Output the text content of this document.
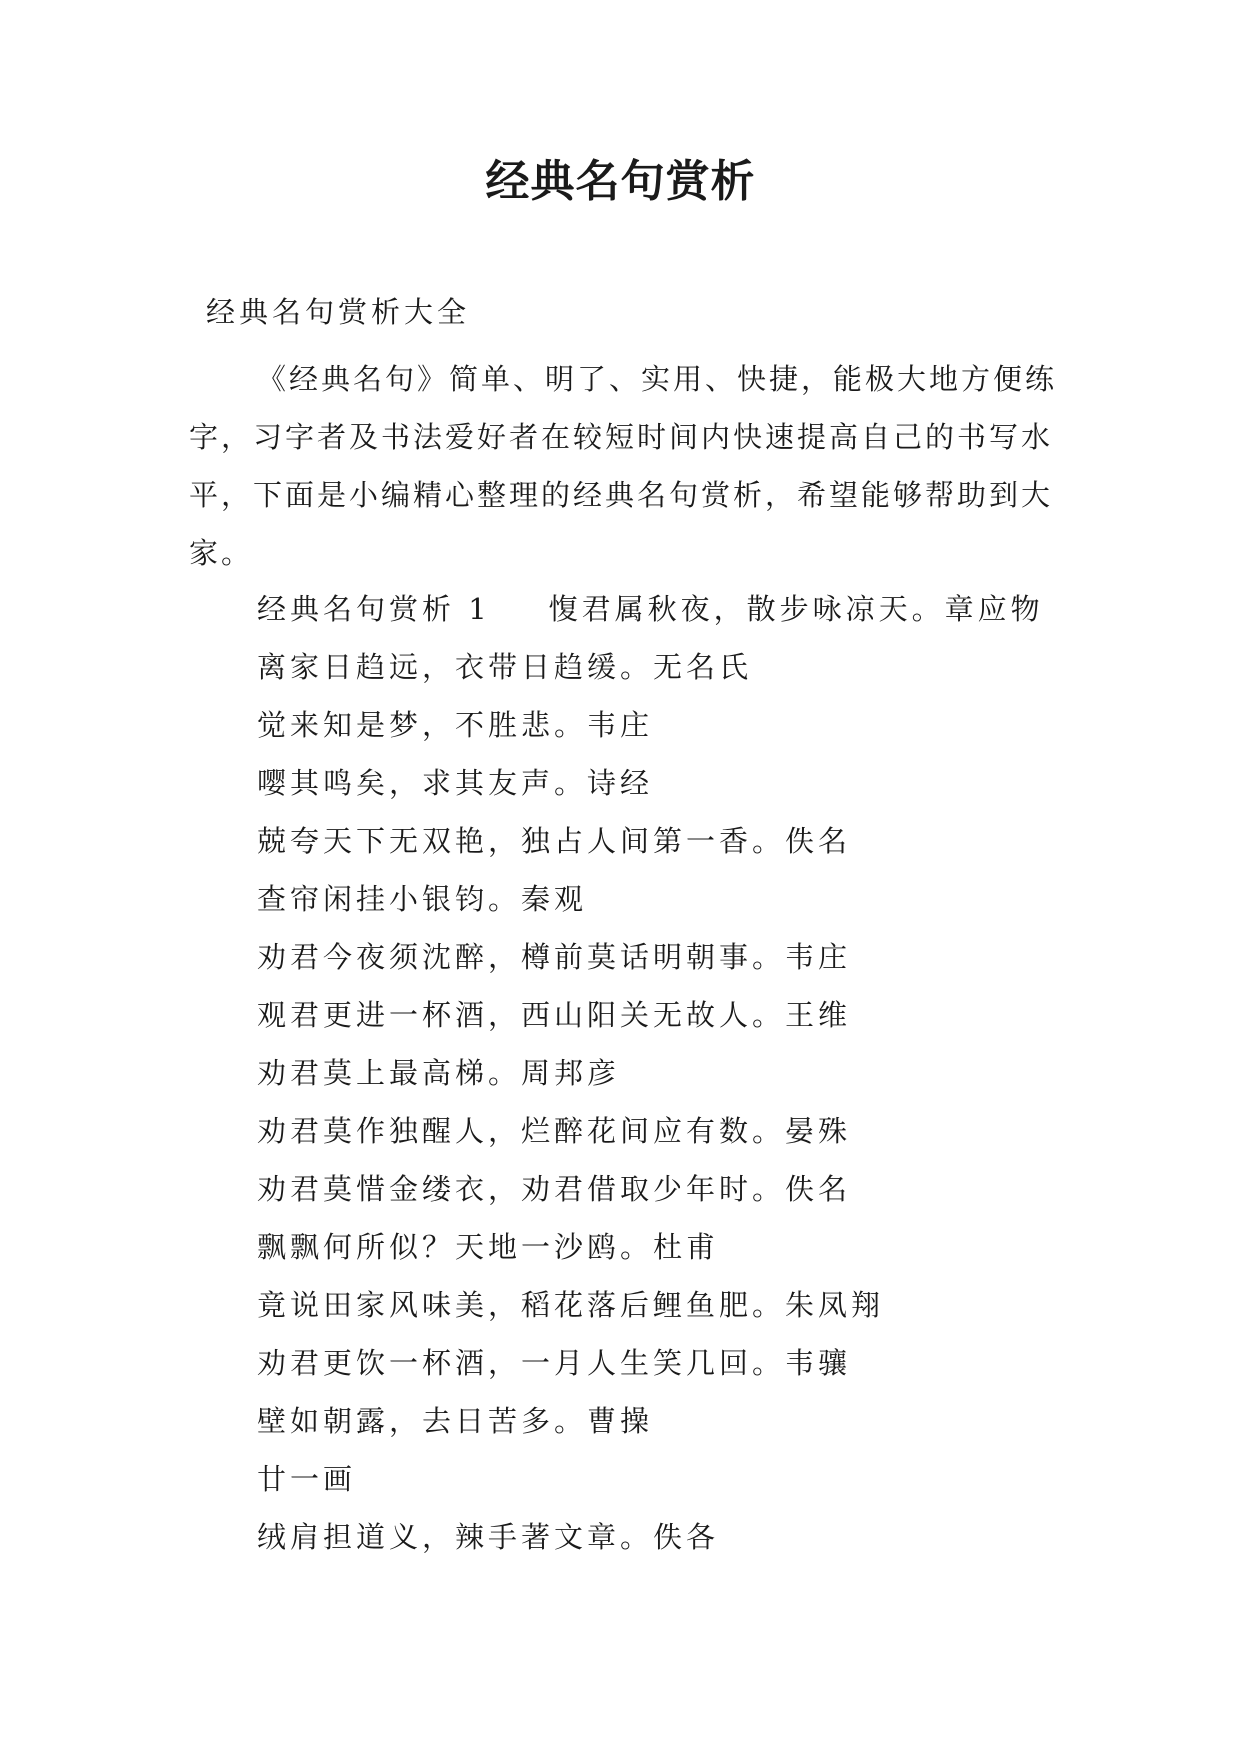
经典名句赏析
经典名句赏析大全

《经典名句》简单、明了、实用、快捷，能极大地方便练字，习字者及书法爱好者在较短时间内快速提高自己的书写水平，下面是小编精心整理的经典名句赏析，希望能够帮助到大家。

经典名句赏析 1 愎君属秋夜，散步咏凉天。章应物
离家日趋远，衣带日趋缓。无名氏
觉来知是梦，不胜悲。韦庄
嘤其鸣矣，求其友声。诗经
兢夸天下无双艳，独占人间第一香。佚名
查帘闲挂小银钧。秦观
劝君今夜须沈醉，樽前莫话明朝事。韦庄
观君更进一杯酒，西山阳关无故人。王维
劝君莫上最高梯。周邦彦
劝君莫作独醒人，烂醉花间应有数。晏殊
劝君莫惜金缕衣，劝君借取少年时。佚名
飘飘何所似？天地一沙鸥。杜甫
竟说田家风味美，稻花落后鲤鱼肥。朱凤翔
劝君更饮一杯酒，一月人生笑几回。韦骧
壁如朝露，去日苦多。曹操
廿一画
绒肩担道义，辣手著文章。佚各
